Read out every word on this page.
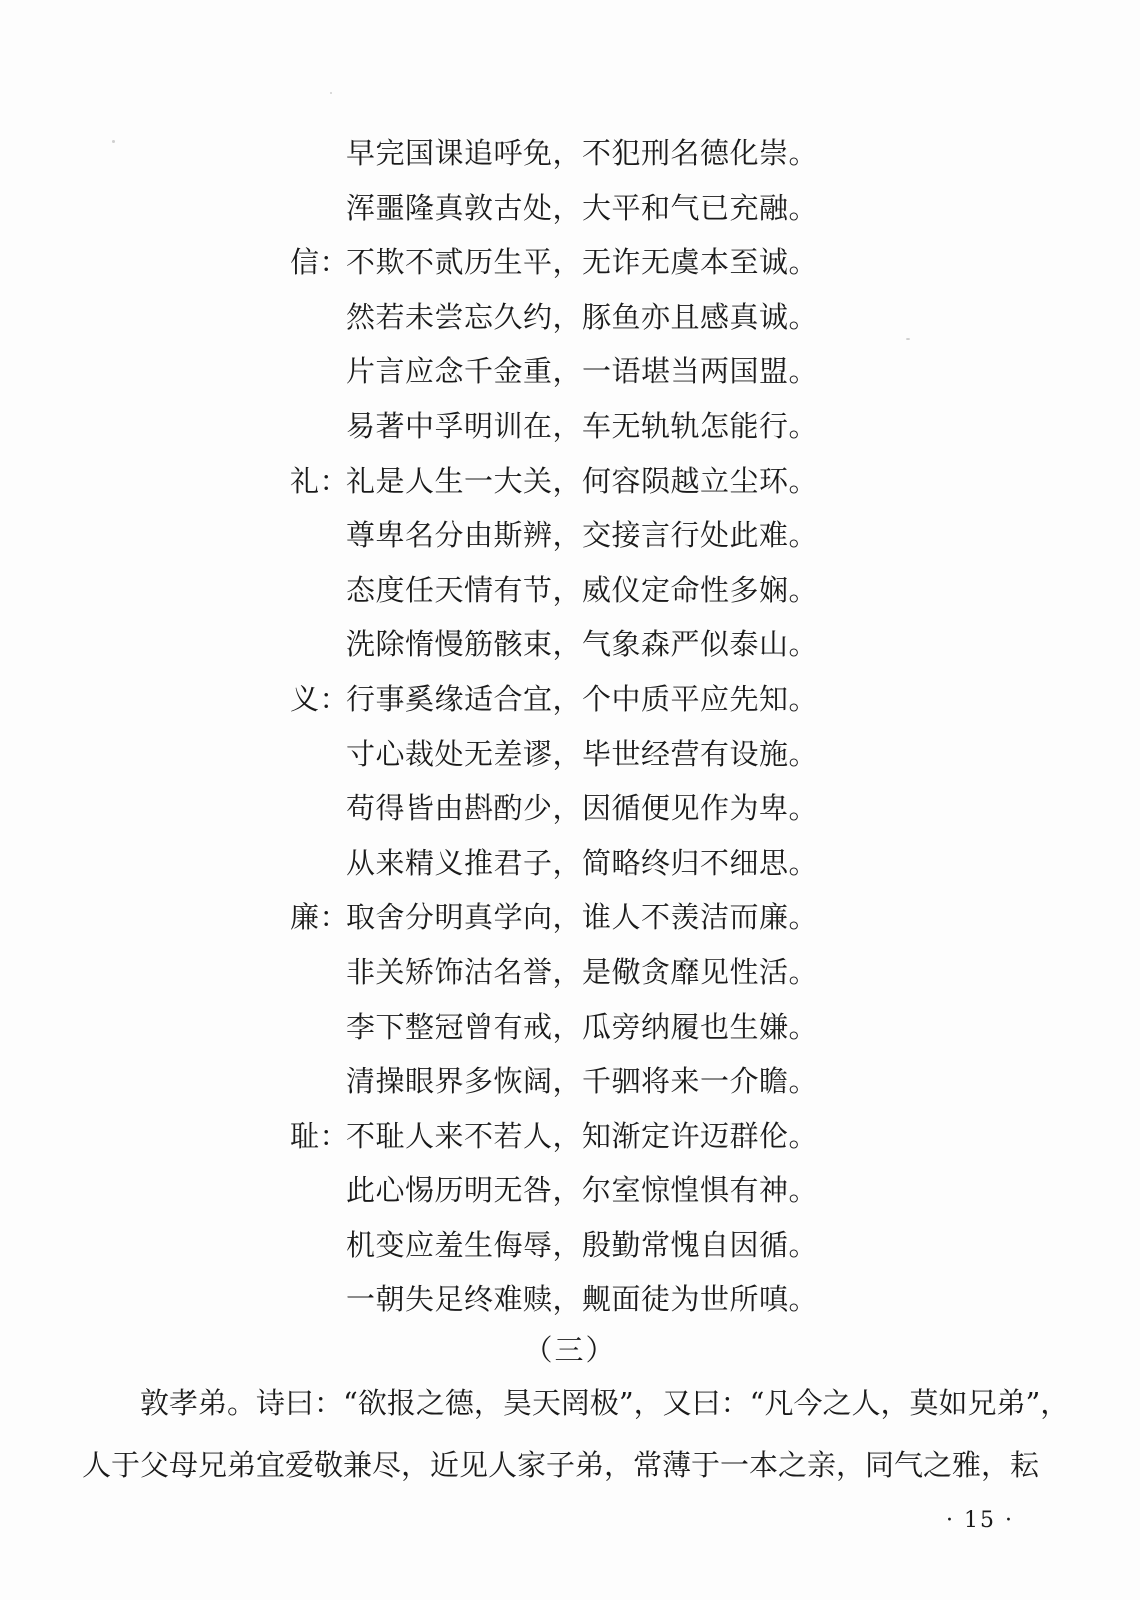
早完国课追呼免，不犯刑名德化崇。
浑噩隆真敦古处，大平和气已充融。
信：
不欺不贰历生平，无诈无虞本至诚。
然若未尝忘久约，豚鱼亦且感真诚。
片言应念千金重，一语堪当两国盟。
易著中孚明训在，车无轨轨怎能行。
礼：
礼是人生一大关，何容陨越立尘环。
尊卑名分由斯辨，交接言行处此难。
态度任天情有节，威仪定命性多娴。
洗除惰慢筋骸束，气象森严似泰山。
义：
行事奚缘适合宜，个中质平应先知。
寸心裁处无差谬，毕世经营有设施。
苟得皆由斟酌少，因循便见作为卑。
从来精义推君子，简略终归不细思。
廉：
取舍分明真学向，谁人不羡洁而廉。
非关矫饰沽名誉，是儆贪靡见性活。
李下整冠曾有戒，瓜旁纳履也生嫌。
清操眼界多恢阔，千驷将来一介瞻。
耻：
不耻人来不若人，知渐定许迈群伦。
此心惕历明无咎，尔室惊惶惧有神。
机变应羞生侮辱，殷勤常愧自因循。
一朝失足终难赎，觍面徒为世所嗔。
（三）
敦孝弟。诗曰：“欲报之德，昊天罔极”，又曰：“凡今之人，莫如兄弟”，
人于父母兄弟宜爱敬兼尽，近见人家子弟，常薄于一本之亲，同气之雅，耘
· 15 ·
